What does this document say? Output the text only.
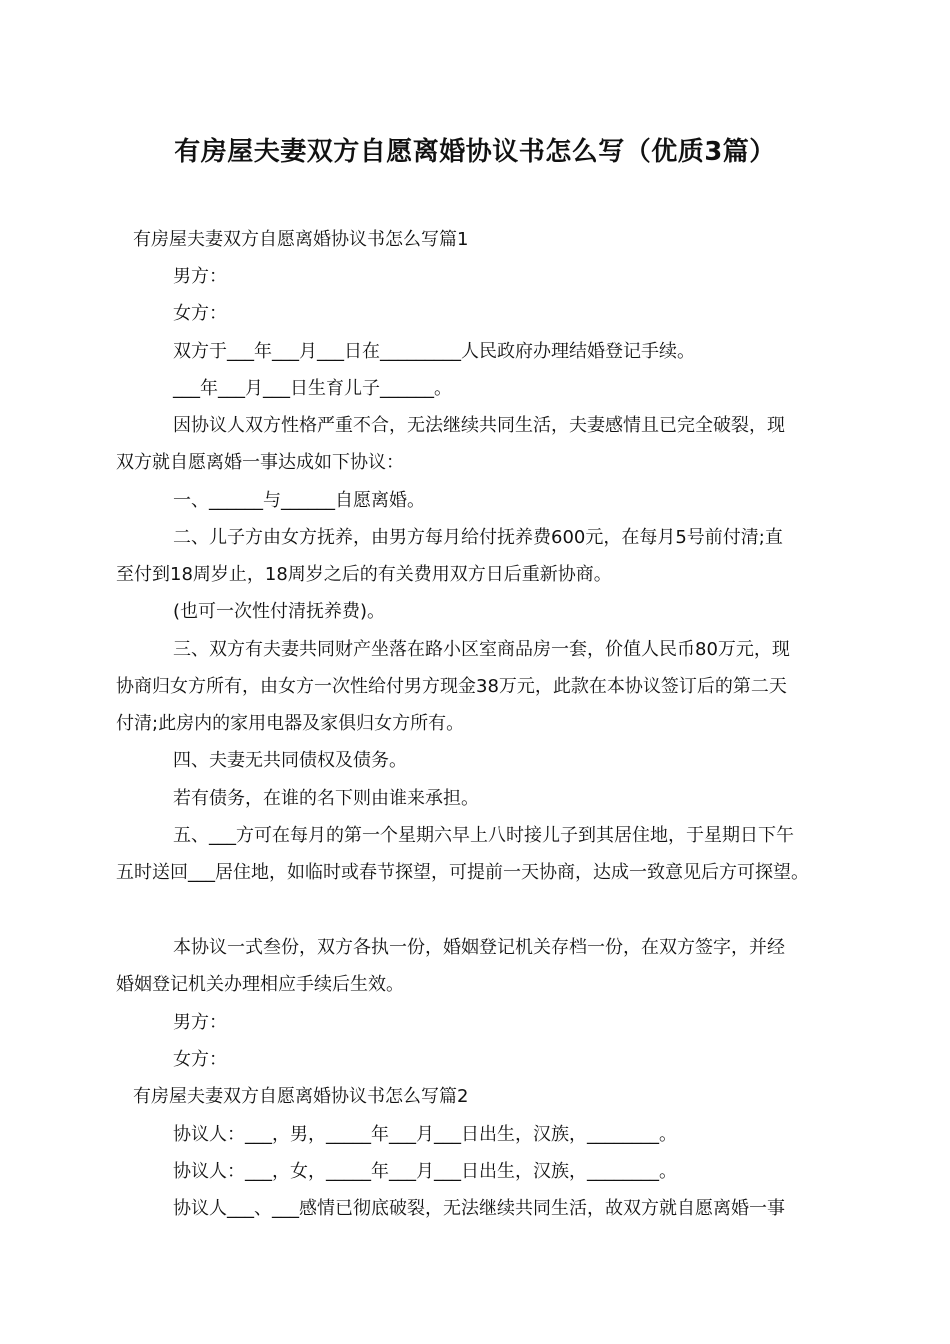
有房屋夫妻双方自愿离婚协议书怎么写（优质3篇）
有房屋夫妻双方自愿离婚协议书怎么写篇1
男方：
女方：
双方于___年___月___日在_________人民政府办理结婚登记手续。
___年___月___日生育儿子______。
因协议人双方性格严重不合，无法继续共同生活，夫妻感情且已完全破裂，现
双方就自愿离婚一事达成如下协议：
一、______与______自愿离婚。
二、儿子方由女方抚养，由男方每月给付抚养费600元，在每月5号前付清;直
至付到18周岁止，18周岁之后的有关费用双方日后重新协商。
(也可一次性付清抚养费)。
三、双方有夫妻共同财产坐落在路小区室商品房一套，价值人民币80万元，现
协商归女方所有，由女方一次性给付男方现金38万元，此款在本协议签订后的第二天
付清;此房内的家用电器及家俱归女方所有。
四、夫妻无共同债权及债务。
若有债务，在谁的名下则由谁来承担。
五、___方可在每月的第一个星期六早上八时接儿子到其居住地，于星期日下午
五时送回___居住地，如临时或春节探望，可提前一天协商，达成一致意见后方可探望。
本协议一式叁份，双方各执一份，婚姻登记机关存档一份，在双方签字，并经
婚姻登记机关办理相应手续后生效。
男方：
女方：
有房屋夫妻双方自愿离婚协议书怎么写篇2
协议人：___，男，_____年___月___日出生，汉族，________。
协议人：___，女，_____年___月___日出生，汉族，________。
协议人___、___感情已彻底破裂，无法继续共同生活，故双方就自愿离婚一事
